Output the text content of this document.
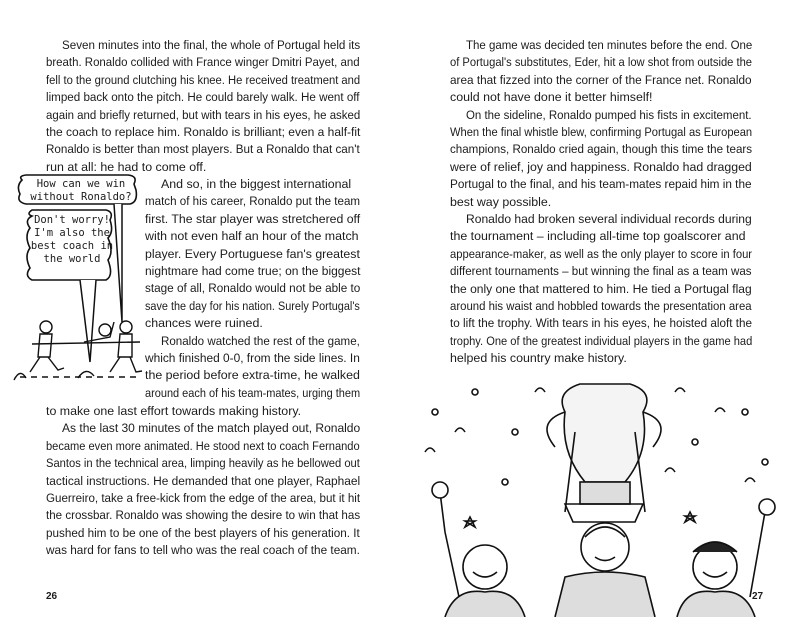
Seven minutes into the final, the whole of Portugal held its
breath. Ronaldo collided with France winger Dmitri Payet, and
fell to the ground clutching his knee. He received treatment and
limped back onto the pitch. He could barely walk. He went off
again and briefly returned, but with tears in his eyes, he asked
the coach to replace him. Ronaldo is brilliant; even a half-fit
Ronaldo is better than most players. But a Ronaldo that can't
run at all: he had to come off.
And so, in the biggest international
match of his career, Ronaldo put the team
first. The star player was stretchered off
with not even half an hour of the match
player. Every Portuguese fan's greatest
nightmare had come true; on the biggest
stage of all, Ronaldo would not be able to
save the day for his nation. Surely Portugal's
chances were ruined.
Ronaldo watched the rest of the game,
which finished 0-0, from the side lines. In
the period before extra-time, he walked
around each of his team-mates, urging them
to make one last effort towards making history.
As the last 30 minutes of the match played out, Ronaldo
became even more animated. He stood next to coach Fernando
Santos in the technical area, limping heavily as he bellowed out
tactical instructions. He demanded that one player, Raphael
Guerreiro, take a free-kick from the edge of the area, but it hit
the crossbar. Ronaldo was showing the desire to win that has
pushed him to be one of the best players of his generation. It
was hard for fans to tell who was the real coach of the team.
How can we win
without Ronaldo?
Don't worry!
I'm also the
best coach in
the world
26
The game was decided ten minutes before the end. One
of Portugal's substitutes, Eder, hit a low shot from outside the
area that fizzed into the corner of the France net. Ronaldo
could not have done it better himself!
On the sideline, Ronaldo pumped his fists in excitement.
When the final whistle blew, confirming Portugal as European
champions, Ronaldo cried again, though this time the tears
were of relief, joy and happiness. Ronaldo had dragged
Portugal to the final, and his team-mates repaid him in the
best way possible.
Ronaldo had broken several individual records during
the tournament – including all-time top goalscorer and
appearance-maker, as well as the only player to score in four
different tournaments – but winning the final as a team was
the only one that mattered to him. He tied a Portugal flag
around his waist and hobbled towards the presentation area
to lift the trophy. With tears in his eyes, he hoisted aloft the
trophy. One of the greatest individual players in the game had
helped his country make history.
27
